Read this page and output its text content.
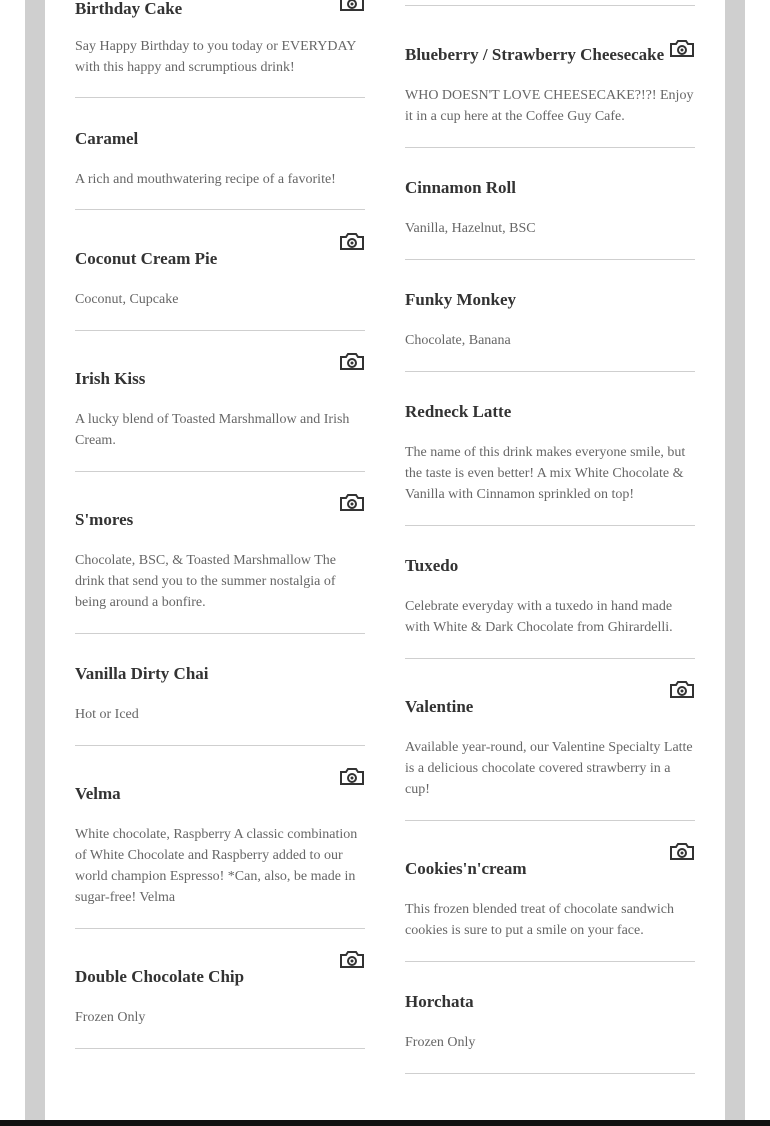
Birthday Cake
Say Happy Birthday to you today or EVERYDAY with this happy and scrumptious drink!
Caramel
A rich and mouthwatering recipe of a favorite!
Coconut Cream Pie
Coconut, Cupcake
Irish Kiss
A lucky blend of Toasted Marshmallow and Irish Cream.
S'mores
Chocolate, BSC, & Toasted Marshmallow The drink that send you to the summer nostalgia of being around a bonfire.
Vanilla Dirty Chai
Hot or Iced
Velma
White chocolate, Raspberry A classic combination of White Chocolate and Raspberry added to our world champion Espresso! *Can, also, be made in sugar-free! Velma
Double Chocolate Chip
Frozen Only
Blueberry / Strawberry Cheesecake
WHO DOESN'T LOVE CHEESECAKE?!?! Enjoy it in a cup here at the Coffee Guy Cafe.
Cinnamon Roll
Vanilla, Hazelnut, BSC
Funky Monkey
Chocolate, Banana
Redneck Latte
The name of this drink makes everyone smile, but the taste is even better! A mix White Chocolate & Vanilla with Cinnamon sprinkled on top!
Tuxedo
Celebrate everyday with a tuxedo in hand made with White & Dark Chocolate from Ghirardelli.
Valentine
Available year-round, our Valentine Specialty Latte is a delicious chocolate covered strawberry in a cup!
Cookies'n'cream
This frozen blended treat of chocolate sandwich cookies is sure to put a smile on your face.
Horchata
Frozen Only
